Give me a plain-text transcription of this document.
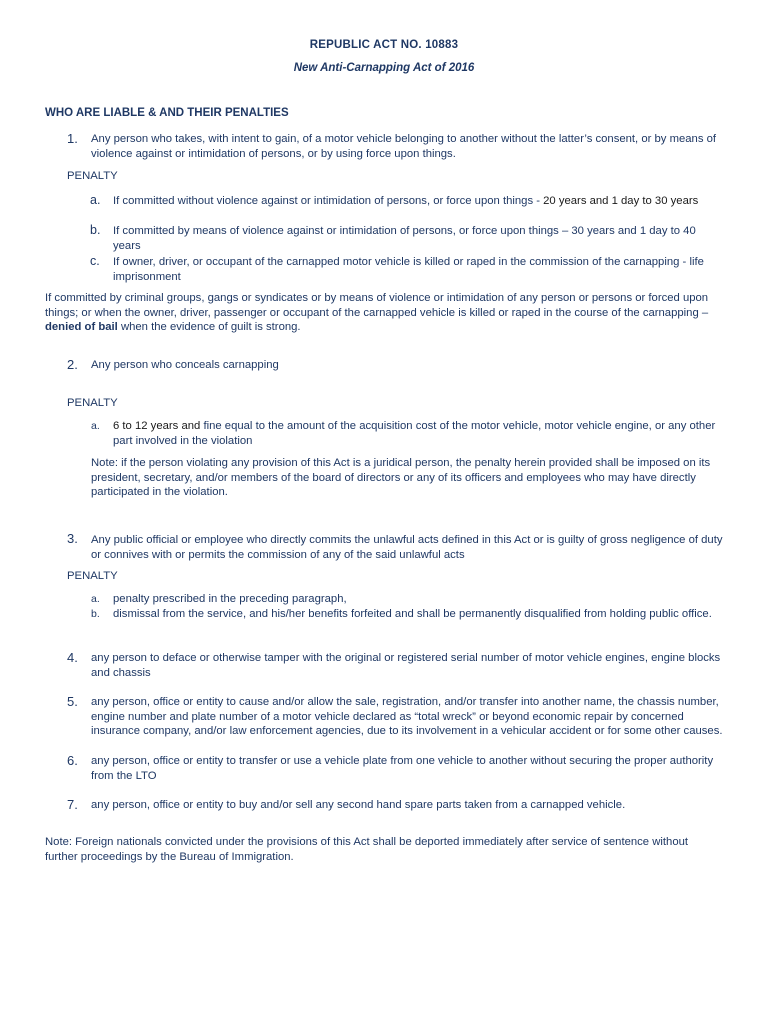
REPUBLIC ACT NO. 10883
New Anti-Carnapping Act of 2016
WHO ARE LIABLE & AND THEIR PENALTIES
1. Any person who takes, with intent to gain, of a motor vehicle belonging to another without the latter’s consent, or by means of violence against or intimidation of persons, or by using force upon things.
PENALTY
a. If committed without violence against or intimidation of persons, or force upon things - 20 years and 1 day to 30 years
b. If committed by means of violence against or intimidation of persons, or force upon things – 30 years and 1 day to 40 years
c. If owner, driver, or occupant of the carnapped motor vehicle is killed or raped in the commission of the carnapping - life imprisonment
If committed by criminal groups, gangs or syndicates or by means of violence or intimidation of any person or persons or forced upon things; or when the owner, driver, passenger or occupant of the carnapped vehicle is killed or raped in the course of the carnapping – denied of bail when the evidence of guilt is strong.
2. Any person who conceals carnapping
PENALTY
a. 6 to 12 years and fine equal to the amount of the acquisition cost of the motor vehicle, motor vehicle engine, or any other part involved in the violation
Note: if the person violating any provision of this Act is a juridical person, the penalty herein provided shall be imposed on its president, secretary, and/or members of the board of directors or any of its officers and employees who may have directly participated in the violation.
3. Any public official or employee who directly commits the unlawful acts defined in this Act or is guilty of gross negligence of duty or connives with or permits the commission of any of the said unlawful acts
PENALTY
a. penalty prescribed in the preceding paragraph,
b. dismissal from the service, and his/her benefits forfeited and shall be permanently disqualified from holding public office.
4. any person to deface or otherwise tamper with the original or registered serial number of motor vehicle engines, engine blocks and chassis
5. any person, office or entity to cause and/or allow the sale, registration, and/or transfer into another name, the chassis number, engine number and plate number of a motor vehicle declared as “total wreck” or beyond economic repair by concerned insurance company, and/or law enforcement agencies, due to its involvement in a vehicular accident or for some other causes.
6. any person, office or entity to transfer or use a vehicle plate from one vehicle to another without securing the proper authority from the LTO
7. any person, office or entity to buy and/or sell any second hand spare parts taken from a carnapped vehicle.
Note: Foreign nationals convicted under the provisions of this Act shall be deported immediately after service of sentence without further proceedings by the Bureau of Immigration.
